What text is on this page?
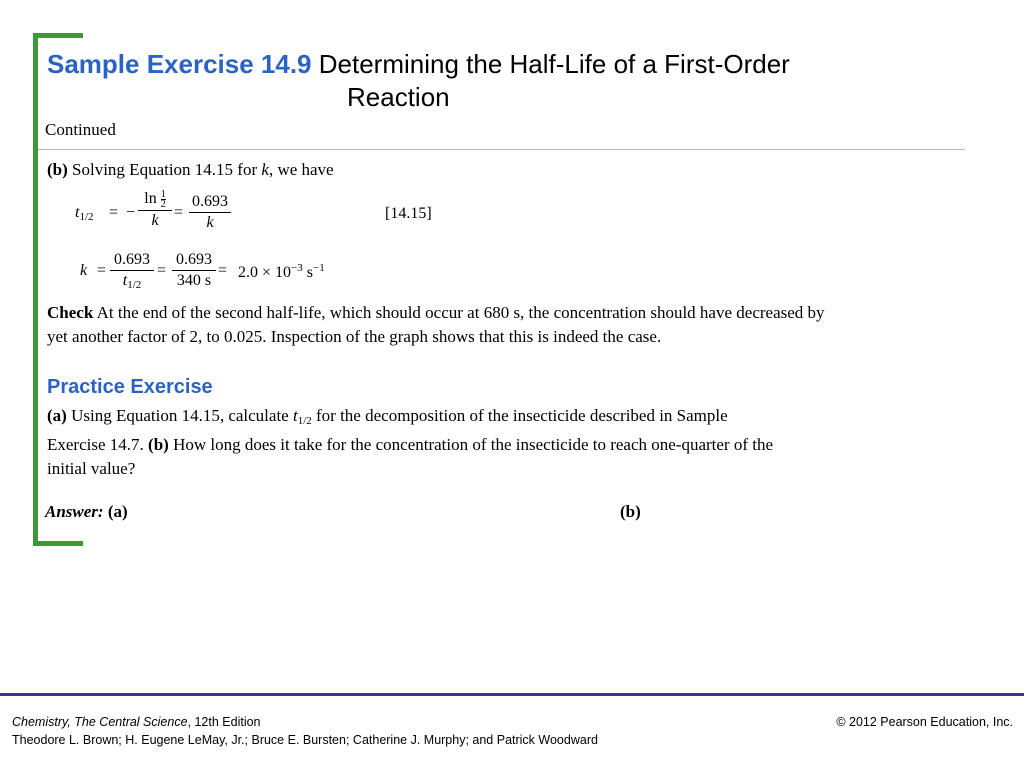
Sample Exercise 14.9 Determining the Half-Life of a First-Order
Reaction
Continued
(b) Solving Equation 14.15 for k, we have
$t_{1/2}$ = − $\frac{\ln \frac{1}{2}}{k} = \frac{0.693}{k}$	[14.15]
$k = \frac{0.693}{t_{1/2}} = \frac{0.693}{340 s} = 2.0 \times 10^{-3}$ $s^{-1}$
Check At the end of the second half-life, which should occur at 680 s, the concentration should have decreased by
yet another factor of 2, to 0.025. Inspection of the graph shows that this is indeed the case.
Practice Exercise
(a) Using Equation 14.15, calculate $t_{1/2}$ for the decomposition of the insecticide described in Sample
Exercise 14.7. (b) How long does it take for the concentration of the insecticide to reach one-quarter of the
initial value?
Answer: (a)	(b)
Chemistry, The Central Science, 12th Edition
Theodore L. Brown; H. Eugene LeMay, Jr.; Bruce E. Bursten; Catherine J. Murphy; and Patrick Woodward
© 2012 Pearson Education, Inc.
